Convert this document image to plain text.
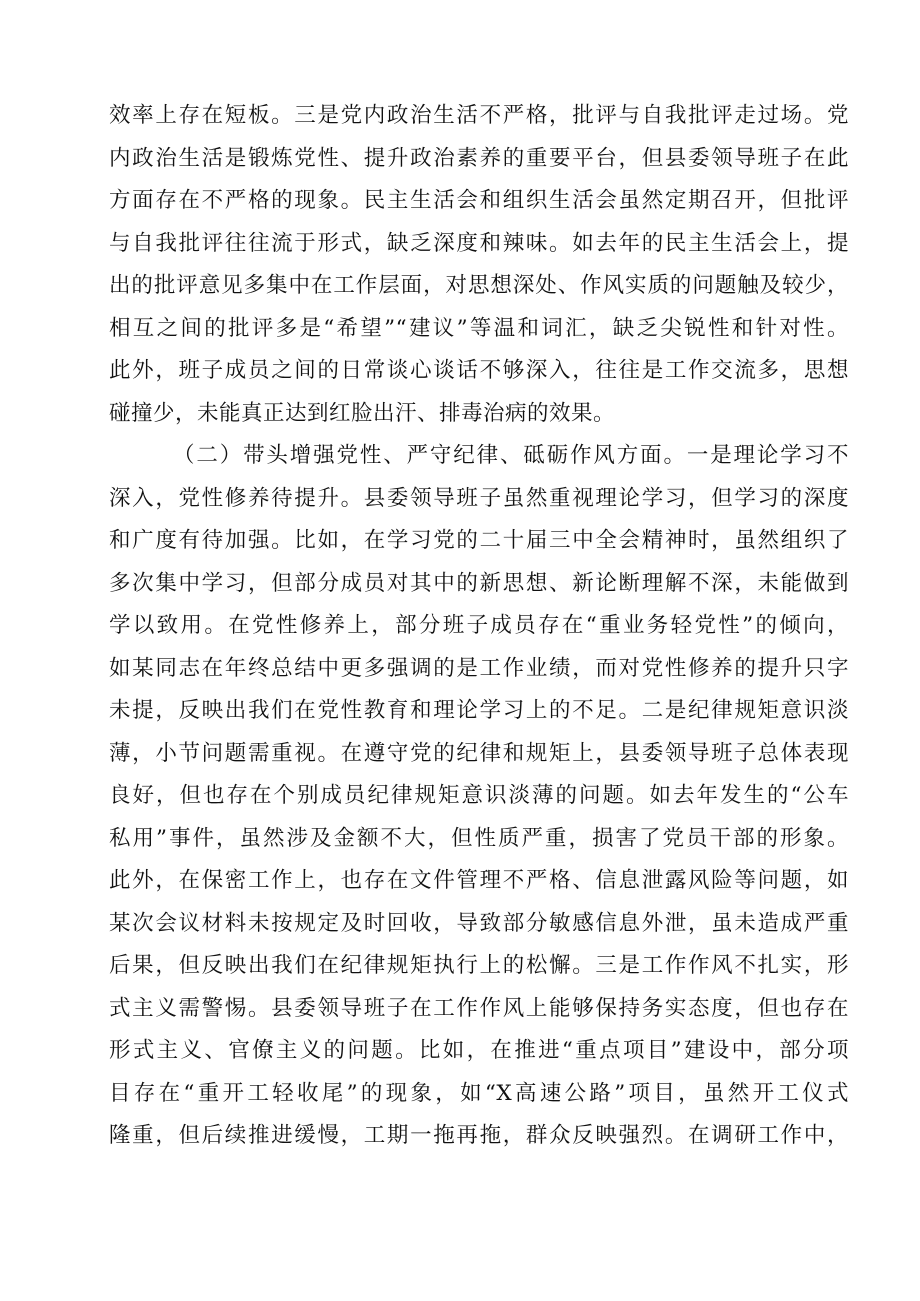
效率上存在短板。三是党内政治生活不严格，批评与自我批评走过场。党
内政治生活是锻炼党性、提升政治素养的重要平台，但县委领导班子在此
方面存在不严格的现象。民主生活会和组织生活会虽然定期召开，但批评
与自我批评往往流于形式，缺乏深度和辣味。如去年的民主生活会上，提
出的批评意见多集中在工作层面，对思想深处、作风实质的问题触及较少，
相互之间的批评多是“希望”“建议”等温和词汇，缺乏尖锐性和针对性。
此外，班子成员之间的日常谈心谈话不够深入，往往是工作交流多，思想
碰撞少，未能真正达到红脸出汗、排毒治病的效果。
（二）带头增强党性、严守纪律、砥砺作风方面。一是理论学习不
深入，党性修养待提升。县委领导班子虽然重视理论学习，但学习的深度
和广度有待加强。比如，在学习党的二十届三中全会精神时，虽然组织了
多次集中学习，但部分成员对其中的新思想、新论断理解不深，未能做到
学以致用。在党性修养上，部分班子成员存在“重业务轻党性”的倾向，
如某同志在年终总结中更多强调的是工作业绩，而对党性修养的提升只字
未提，反映出我们在党性教育和理论学习上的不足。二是纪律规矩意识淡
薄，小节问题需重视。在遵守党的纪律和规矩上，县委领导班子总体表现
良好，但也存在个别成员纪律规矩意识淡薄的问题。如去年发生的“公车
私用”事件，虽然涉及金额不大，但性质严重，损害了党员干部的形象。
此外，在保密工作上，也存在文件管理不严格、信息泄露风险等问题，如
某次会议材料未按规定及时回收，导致部分敏感信息外泄，虽未造成严重
后果，但反映出我们在纪律规矩执行上的松懈。三是工作作风不扎实，形
式主义需警惕。县委领导班子在工作作风上能够保持务实态度，但也存在
形式主义、官僚主义的问题。比如，在推进“重点项目”建设中，部分项
目存在“重开工轻收尾”的现象，如“X高速公路”项目，虽然开工仪式
隆重，但后续推进缓慢，工期一拖再拖，群众反映强烈。在调研工作中，
